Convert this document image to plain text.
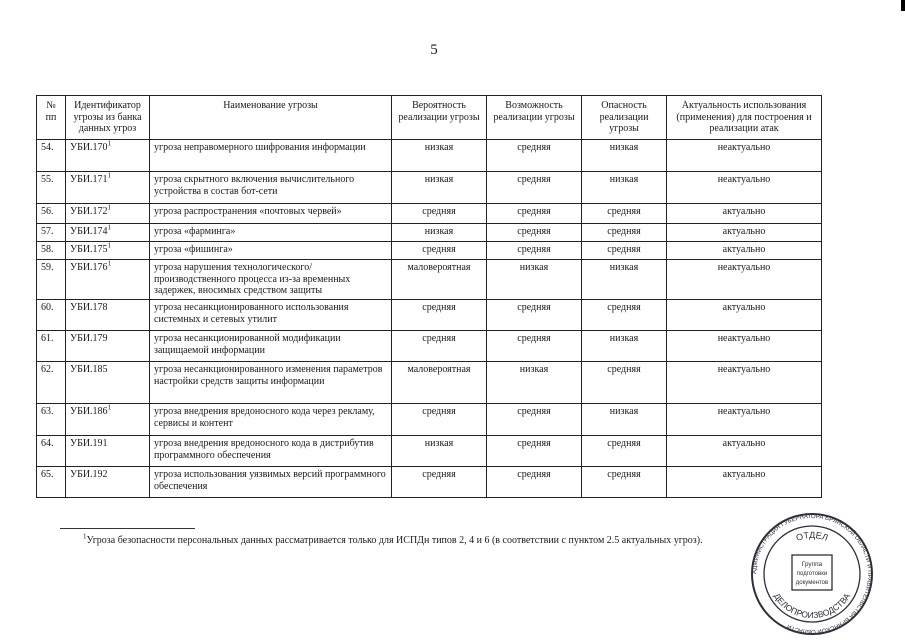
5
№ пп	Идентификатор угрозы из банка данных угроз	Наименование угрозы	Вероятность реализации угрозы	Возможность реализации угрозы	Опасность реализации угрозы	Актуальность использования (применения) для построения и реализации атак
54.	УБИ.170$^1$	угроза неправомерного шифрования информации	низкая	средняя	низкая	неактуально
55.	УБИ.171$^1$	угроза скрытного включения вычислительного устройства в состав бот-сети	низкая	средняя	низкая	неактуально
56.	УБИ.172$^1$	угроза распространения «почтовых червей»	средняя	средняя	средняя	актуально
57.	УБИ.174$^1$	угроза «фарминга»	низкая	средняя	средняя	актуально
58.	УБИ.175$^1$	угроза «фишинга»	средняя	средняя	средняя	актуально
59.	УБИ.176$^1$	угроза нарушения технологического/ производственного процесса из-за временных задержек, вносимых средством защиты	маловероятная	низкая	низкая	неактуально
60.	УБИ.178	угроза несанкционированного использования системных и сетевых утилит	средняя	средняя	средняя	актуально
61.	УБИ.179	угроза несанкционированной модификации защищаемой информации	средняя	средняя	низкая	неактуально
62.	УБИ.185	угроза несанкционированного изменения параметров настройки средств защиты информации	маловероятная	низкая	средняя	неактуально
63.	УБИ.186$^1$	угроза внедрения вредоносного кода через рекламу, сервисы и контент	средняя	средняя	низкая	неактуально
64.	УБИ.191	угроза внедрения вредоносного кода в дистрибутив программного обеспечения	низкая	средняя	средняя	актуально
65.	УБИ.192	угроза использования уязвимых версий программного обеспечения	средняя	средняя	средняя	актуально
$^1$Угроза безопасности персональных данных рассматривается только для ИСПДн типов 2, 4 и 6 (в соответствии с пунктом 2.5 актуальных угроз).
АДМИНИСТРАЦИЯ ГУБЕРНАТОРА БРЯНСКОЙ ОБЛАСТИ И ПРАВИТЕЛЬСТВА БРЯНСКОЙ ОБЛАСТИ
ОТДЕЛ
ДЕЛОПРОИЗВОДСТВА
Группа
подготовки
документов
